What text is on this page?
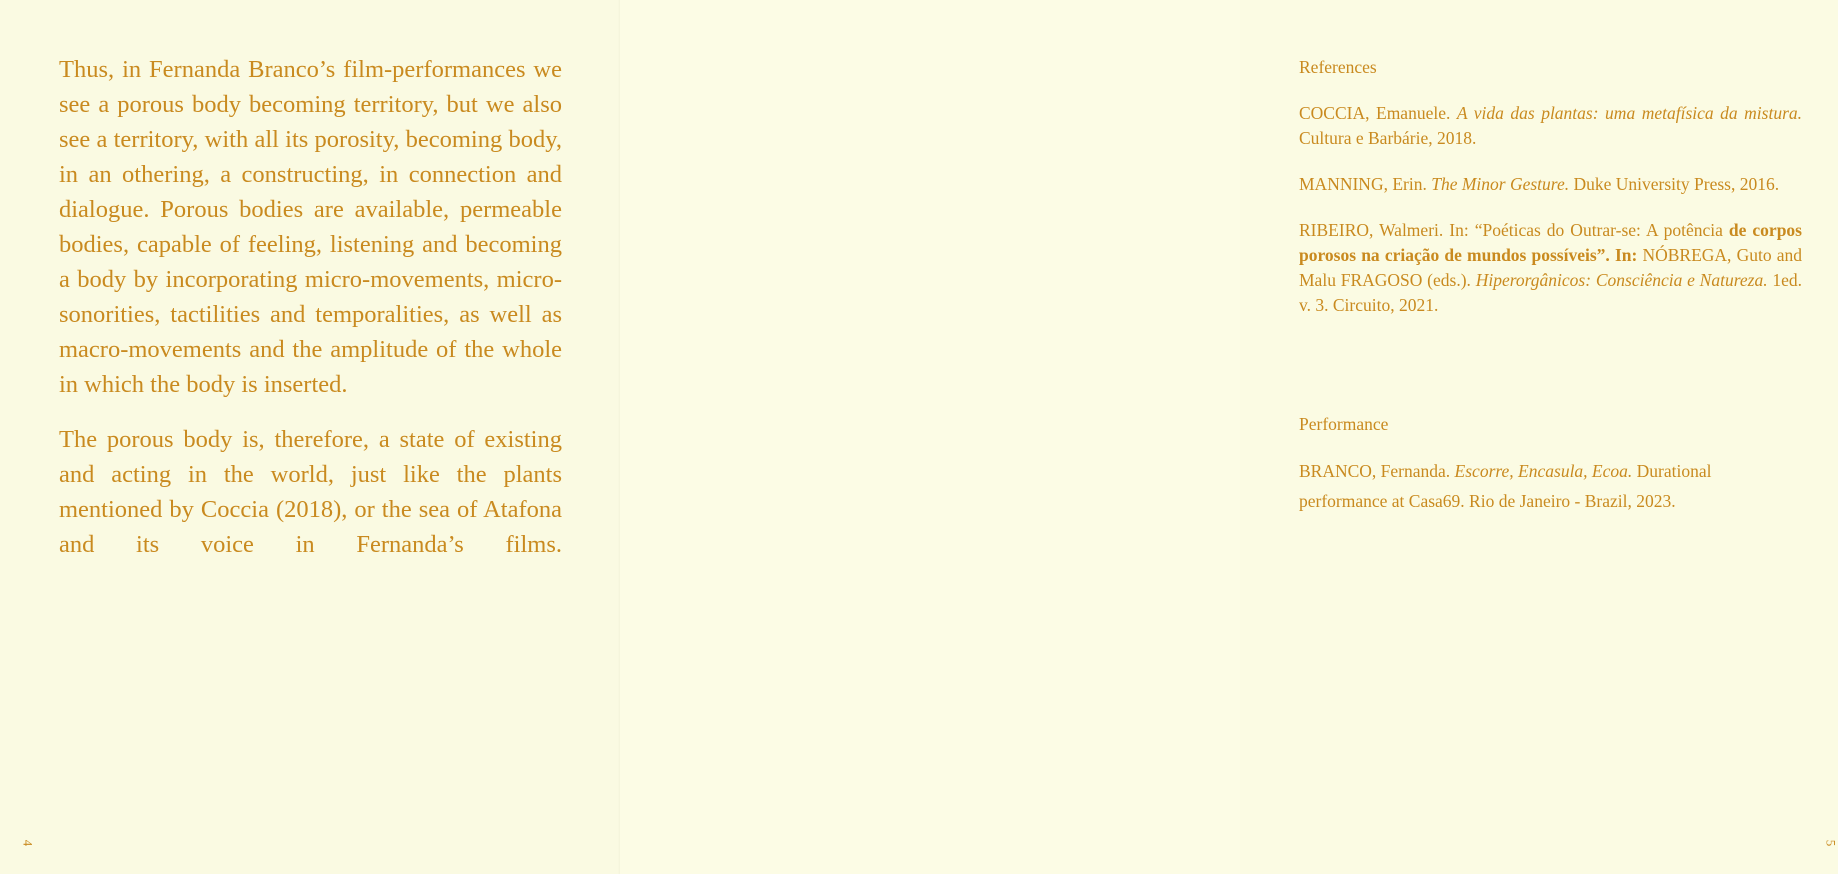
Thus, in Fernanda Branco’s film-performances we see a porous body becoming territory, but we also see a territory, with all its porosity, becoming body, in an othering, a constructing, in connection and dialogue. Porous bodies are available, permeable bodies, capable of feeling, listening and becoming a body by incorporating micro-movements, micro-sonorities, tactilities and temporalities, as well as macro-movements and the amplitude of the whole in which the body is inserted.

The porous body is, therefore, a state of existing and acting in the world, just like the plants mentioned by Coccia (2018), or the sea of Atafona and its voice in Fernanda’s films.

4
References
COCCIA, Emanuele. A vida das plantas: uma metafísica da mistura. Cultura e Barbárie, 2018.
MANNING, Erin. The Minor Gesture. Duke University Press, 2016.
RIBEIRO, Walmeri. In: “Poéticas do Outrar-se: A potência de corpos porosos na criação de mundos possíveis”. In: NÓBREGA, Guto and Malu FRAGOSO (eds.). Hiperorgânicos: Consciência e Natureza. 1ed. v. 3. Circuito, 2021.
Performance
BRANCO, Fernanda. Escorre, Encasula, Ecoa. Durational performance at Casa69. Rio de Janeiro - Brazil, 2023.
5
